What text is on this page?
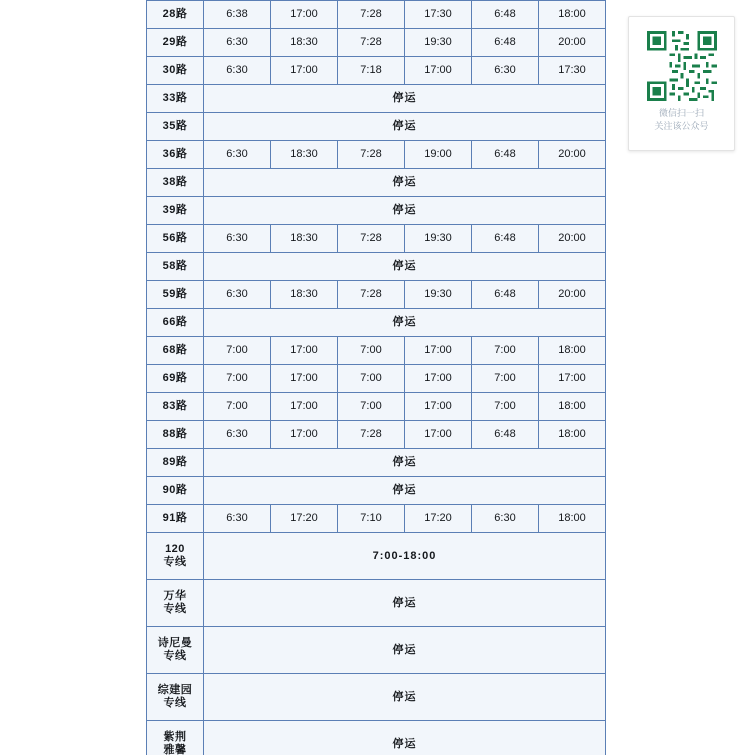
28路	6:38	17:00	7:28	17:30	6:48	18:00
29路	6:30	18:30	7:28	19:30	6:48	20:00
30路	6:30	17:00	7:18	17:00	6:30	17:30
33路	停运					
35路	停运					
36路	6:30	18:30	7:28	19:00	6:48	20:00
38路	停运					
39路	停运					
56路	6:30	18:30	7:28	19:30	6:48	20:00
58路	停运					
59路	6:30	18:30	7:28	19:30	6:48	20:00
66路	停运					
68路	7:00	17:00	7:00	17:00	7:00	18:00
69路	7:00	17:00	7:00	17:00	7:00	17:00
83路	7:00	17:00	7:00	17:00	7:00	18:00
88路	6:30	17:00	7:28	17:00	6:48	18:00
89路	停运					
90路	停运					
91路	6:30	17:20	7:10	17:20	6:30	18:00

120
专线	7:00-18:00					

万华
专线	停运					

诗尼曼
专线	停运					

综建园
专线	停运					

紫荆
雅馨	停运					
微信扫一扫
关注该公众号
